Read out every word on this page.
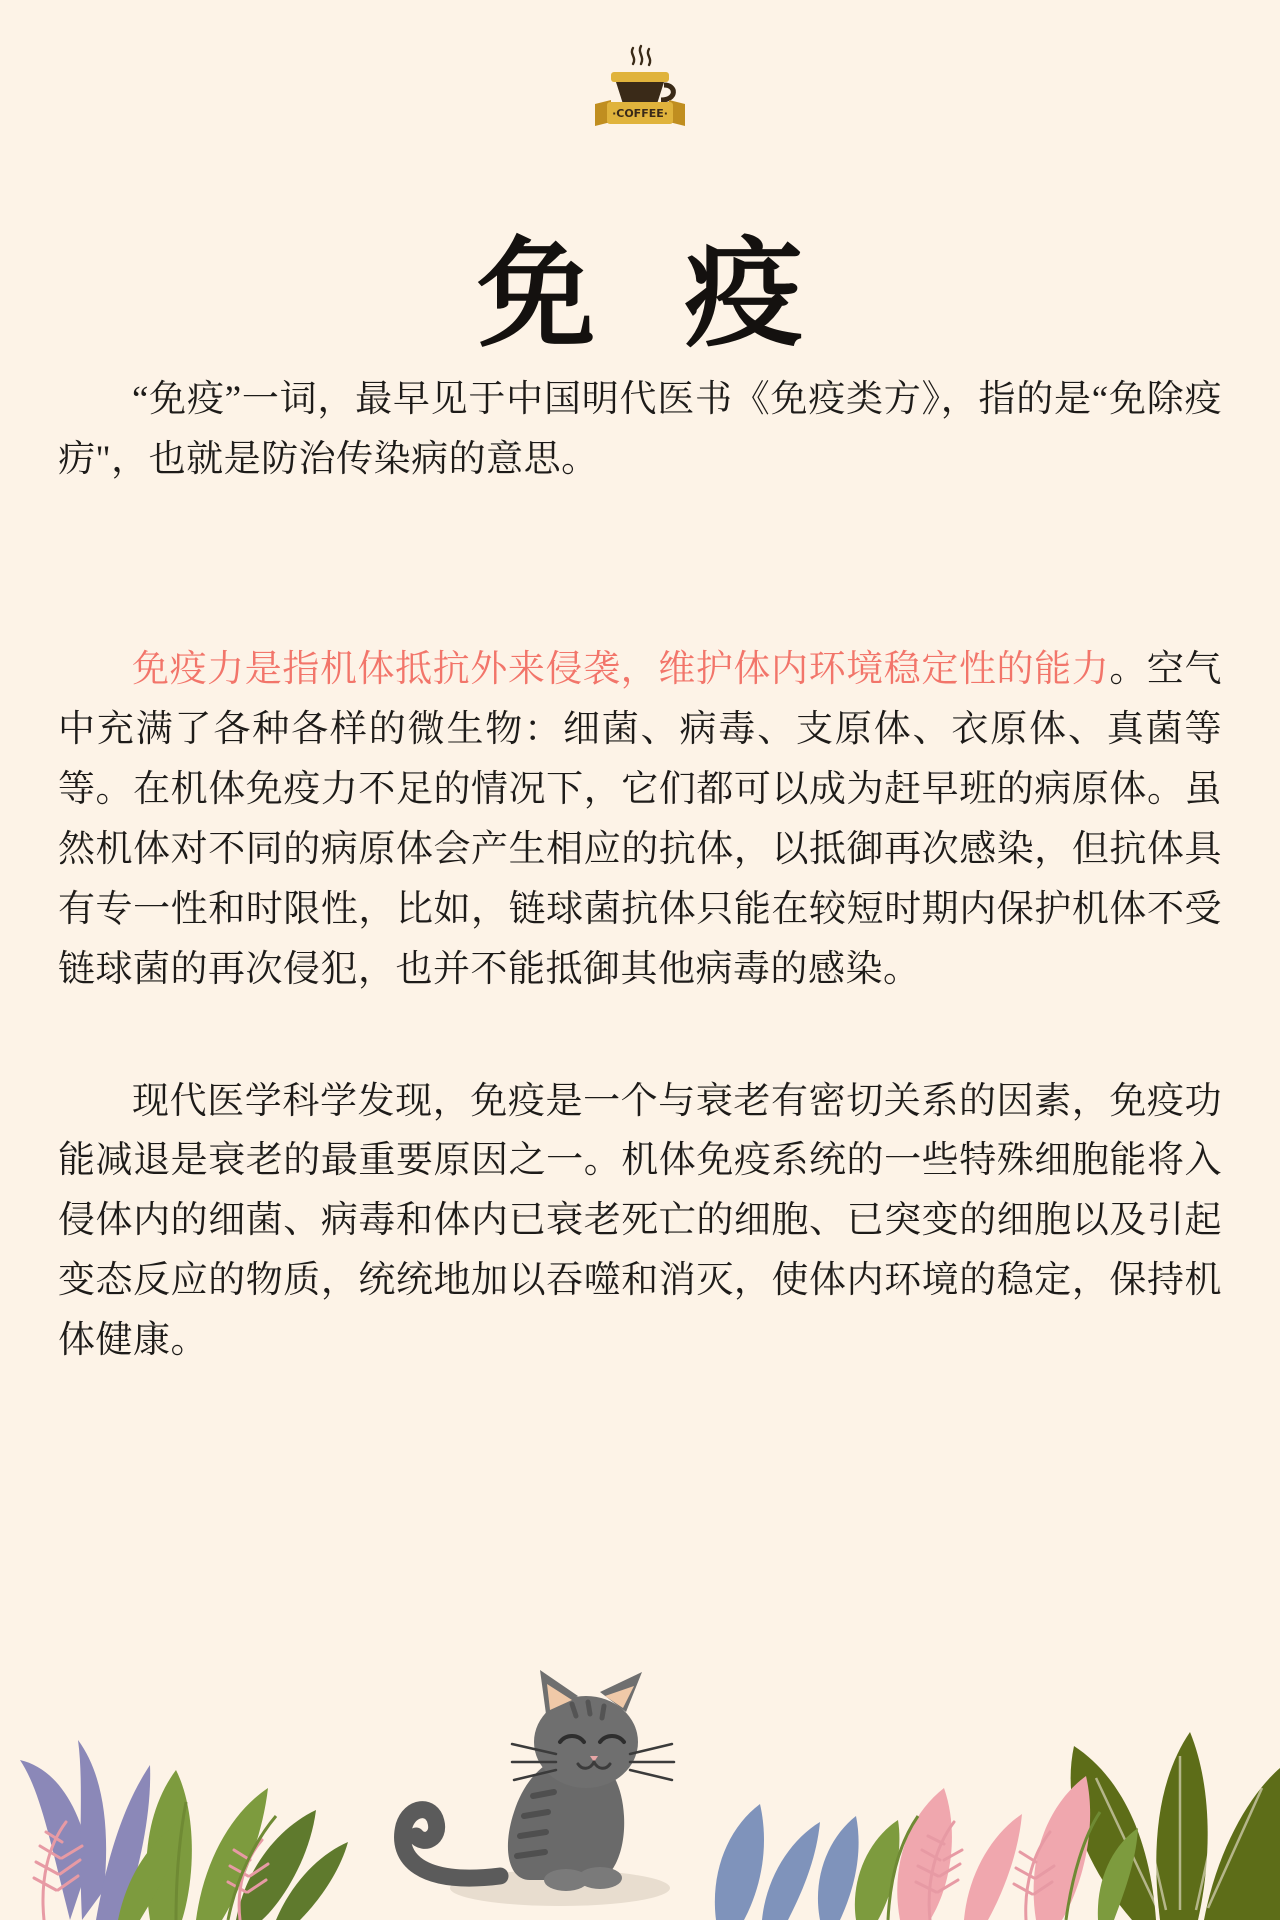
·COFFEE·
免 疫

“免疫”一词，最早见于中国明代医书《免疫类方》，指的是“免除疫疠"，也就是防治传染病的意思。

免疫力是指机体抵抗外来侵袭，维护体内环境稳定性的能力。空气中充满了各种各样的微生物：细菌、病毒、支原体、衣原体、真菌等等。在机体免疫力不足的情况下，它们都可以成为赶早班的病原体。虽然机体对不同的病原体会产生相应的抗体，以抵御再次感染，但抗体具有专一性和时限性，比如，链球菌抗体只能在较短时期内保护机体不受链球菌的再次侵犯，也并不能抵御其他病毒的感染。

现代医学科学发现，免疫是一个与衰老有密切关系的因素，免疫功能减退是衰老的最重要原因之一。机体免疫系统的一些特殊细胞能将入侵体内的细菌、病毒和体内已衰老死亡的细胞、已突变的细胞以及引起变态反应的物质，统统地加以吞噬和消灭，使体内环境的稳定，保持机体健康。
